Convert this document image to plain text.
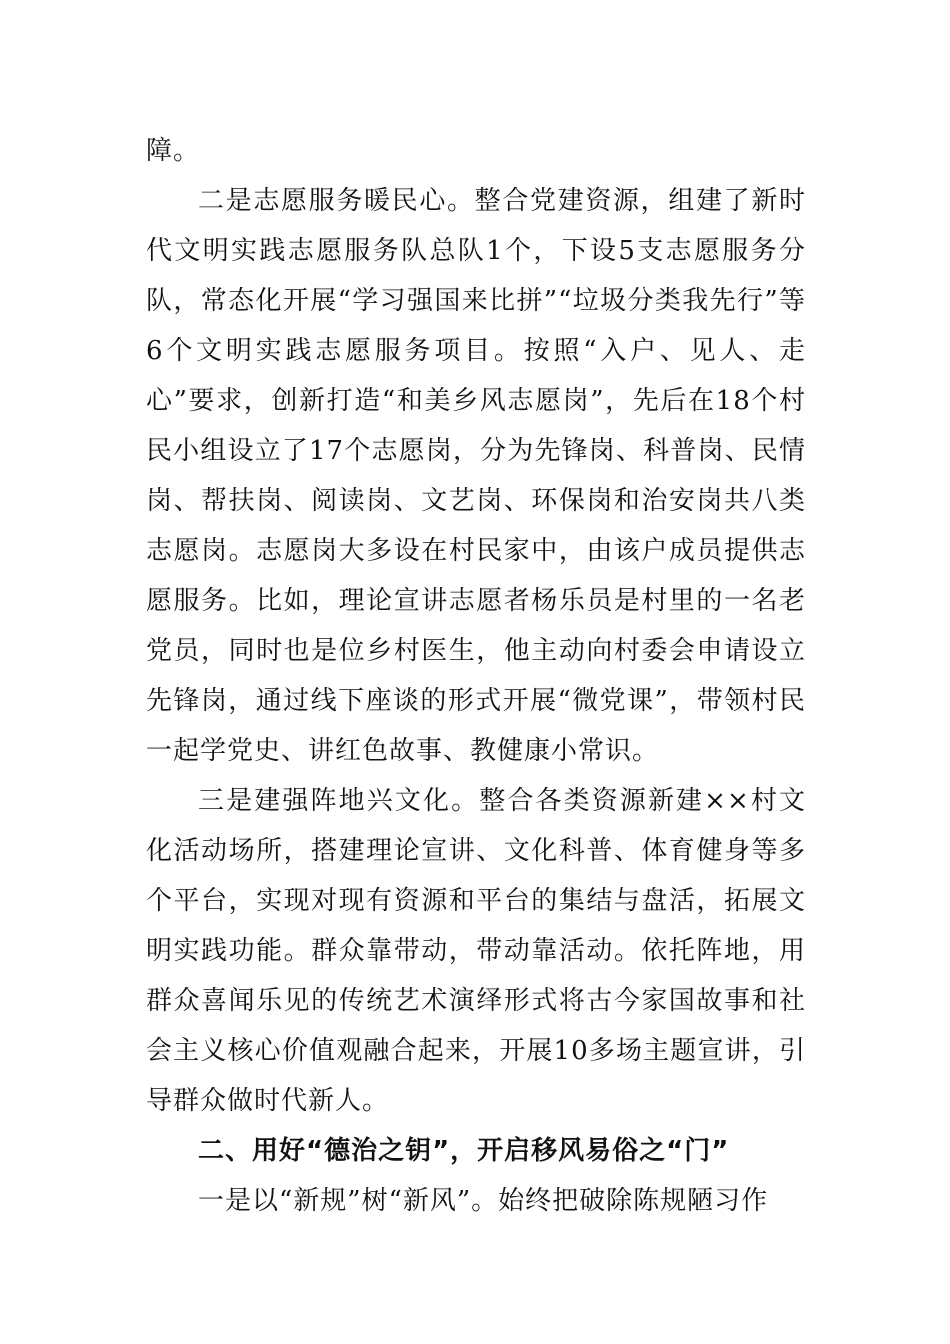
障。

二是志愿服务暖民心。整合党建资源，组建了新时代文明实践志愿服务队总队1个，下设5支志愿服务分队，常态化开展“学习强国来比拼”“垃圾分类我先行”等6个文明实践志愿服务项目。按照“入户、见人、走心”要求，创新打造“和美乡风志愿岗”，先后在18个村民小组设立了17个志愿岗，分为先锋岗、科普岗、民情岗、帮扶岗、阅读岗、文艺岗、环保岗和治安岗共八类志愿岗。志愿岗大多设在村民家中，由该户成员提供志愿服务。比如，理论宣讲志愿者杨乐员是村里的一名老党员，同时也是位乡村医生，他主动向村委会申请设立先锋岗，通过线下座谈的形式开展“微党课”，带领村民一起学党史、讲红色故事、教健康小常识。

三是建强阵地兴文化。整合各类资源新建××村文化活动场所，搭建理论宣讲、文化科普、体育健身等多个平台，实现对现有资源和平台的集结与盘活，拓展文明实践功能。群众靠带动，带动靠活动。依托阵地，用群众喜闻乐见的传统艺术演绎形式将古今家国故事和社会主义核心价值观融合起来，开展10多场主题宣讲，引导群众做时代新人。

二、用好“德治之钥”，开启移风易俗之“门”

一是以“新规”树“新风”。始终把破除陈规陋习作
